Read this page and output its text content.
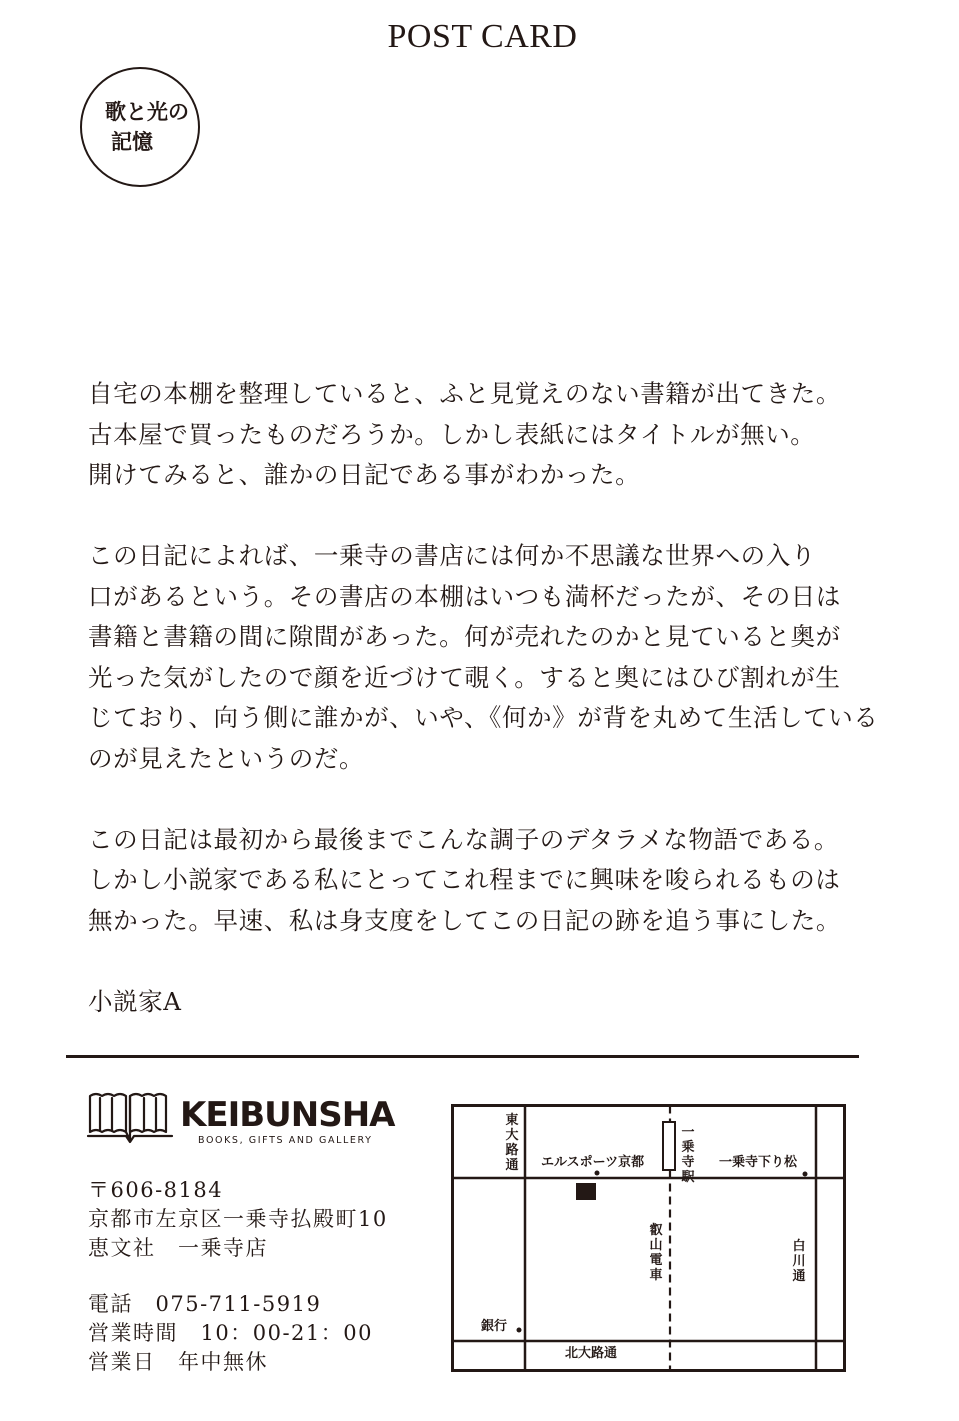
POST CARD
歌と光の
記憶

自宅の本棚を整理していると、ふと見覚えのない書籍が出てきた。

古本屋で買ったものだろうか。しかし表紙にはタイトルが無い。

開けてみると、誰かの日記である事がわかった。

この日記によれば、一乗寺の書店には何か不思議な世界への入り

口があるという。その書店の本棚はいつも満杯だったが、その日は

書籍と書籍の間に隙間があった。何が売れたのかと見ていると奥が

光った気がしたので顔を近づけて覗く。すると奥にはひび割れが生

じており、向う側に誰かが、いや、《何か》が背を丸めて生活している

のが見えたというのだ。

この日記は最初から最後までこんな調子のデタラメな物語である。

しかし小説家である私にとってこれ程までに興味を唆られるものは

無かった。早速、私は身支度をしてこの日記の跡を追う事にした。

小説家A

KEIBUNSHA
BOOKS, GIFTS AND GALLERY
〒606-8184
京都市左京区一乗寺払殿町10
恵文社　一乗寺店
電話　075-711-5919
営業時間　10：00-21：00
営業日　年中無休
東大路通 エルスポーツ京都
一乗寺駅
一乗寺下り松
叡山電車
白川通
銀行
北大路通
